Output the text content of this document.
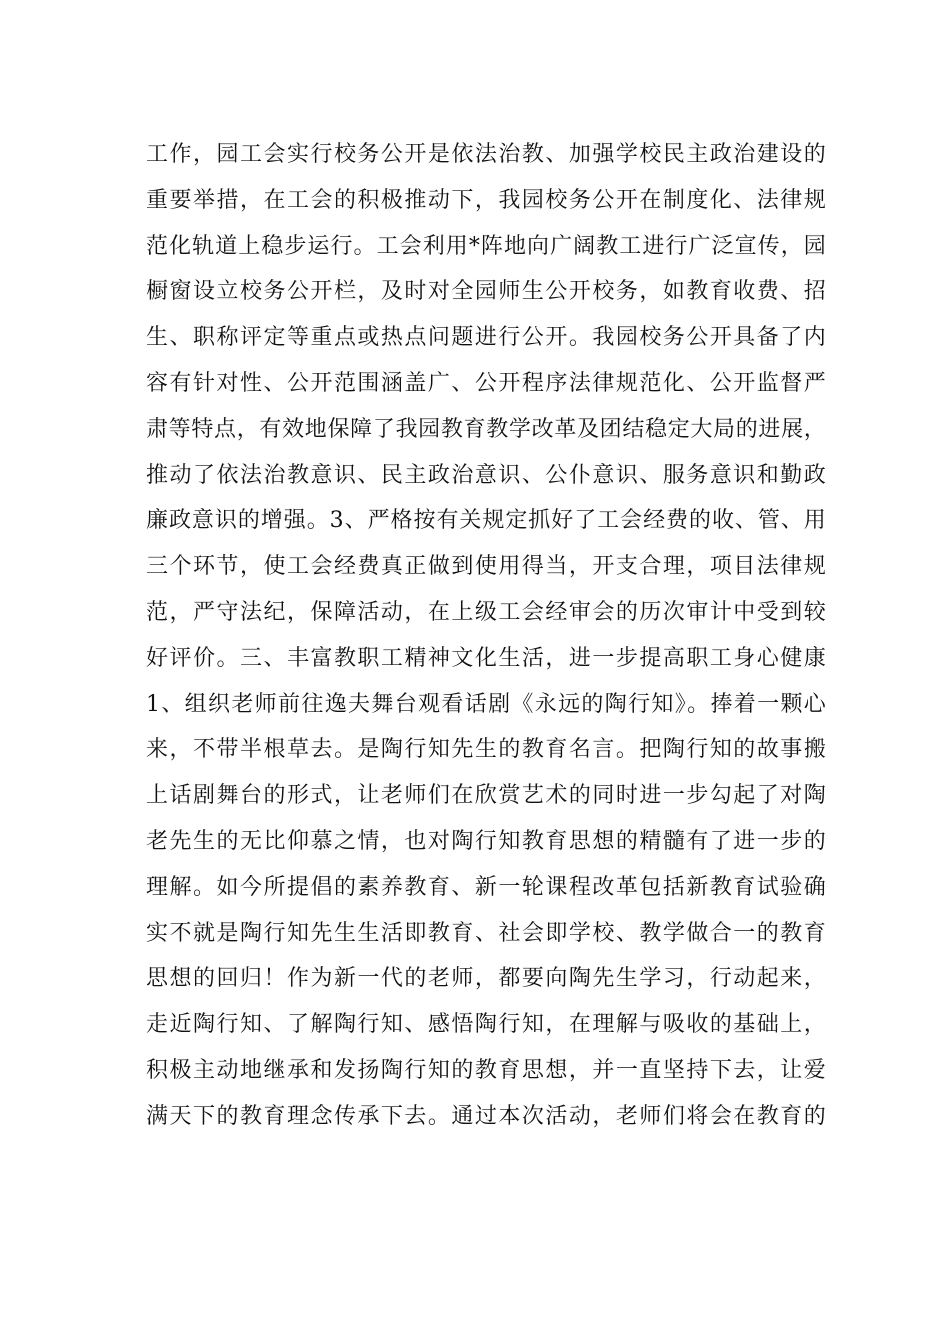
工作，园工会实行校务公开是依法治教、加强学校民主政治建设的
重要举措，在工会的积极推动下，我园校务公开在制度化、法律规
范化轨道上稳步运行。工会利用*阵地向广阔教工进行广泛宣传，园
橱窗设立校务公开栏，及时对全园师生公开校务，如教育收费、招
生、职称评定等重点或热点问题进行公开。我园校务公开具备了内
容有针对性、公开范围涵盖广、公开程序法律规范化、公开监督严
肃等特点，有效地保障了我园教育教学改革及团结稳定大局的进展，
推动了依法治教意识、民主政治意识、公仆意识、服务意识和勤政
廉政意识的增强。3、严格按有关规定抓好了工会经费的收、管、用
三个环节，使工会经费真正做到使用得当，开支合理，项目法律规
范，严守法纪，保障活动，在上级工会经审会的历次审计中受到较
好评价。三、丰富教职工精神文化生活，进一步提高职工身心健康
1、组织老师前往逸夫舞台观看话剧《永远的陶行知》。捧着一颗心
来，不带半根草去。是陶行知先生的教育名言。把陶行知的故事搬
上话剧舞台的形式，让老师们在欣赏艺术的同时进一步勾起了对陶
老先生的无比仰慕之情，也对陶行知教育思想的精髓有了进一步的
理解。如今所提倡的素养教育、新一轮课程改革包括新教育试验确
实不就是陶行知先生生活即教育、社会即学校、教学做合一的教育
思想的回归！作为新一代的老师，都要向陶先生学习，行动起来，
走近陶行知、了解陶行知、感悟陶行知，在理解与吸收的基础上，
积极主动地继承和发扬陶行知的教育思想，并一直坚持下去，让爱
满天下的教育理念传承下去。通过本次活动，老师们将会在教育的
